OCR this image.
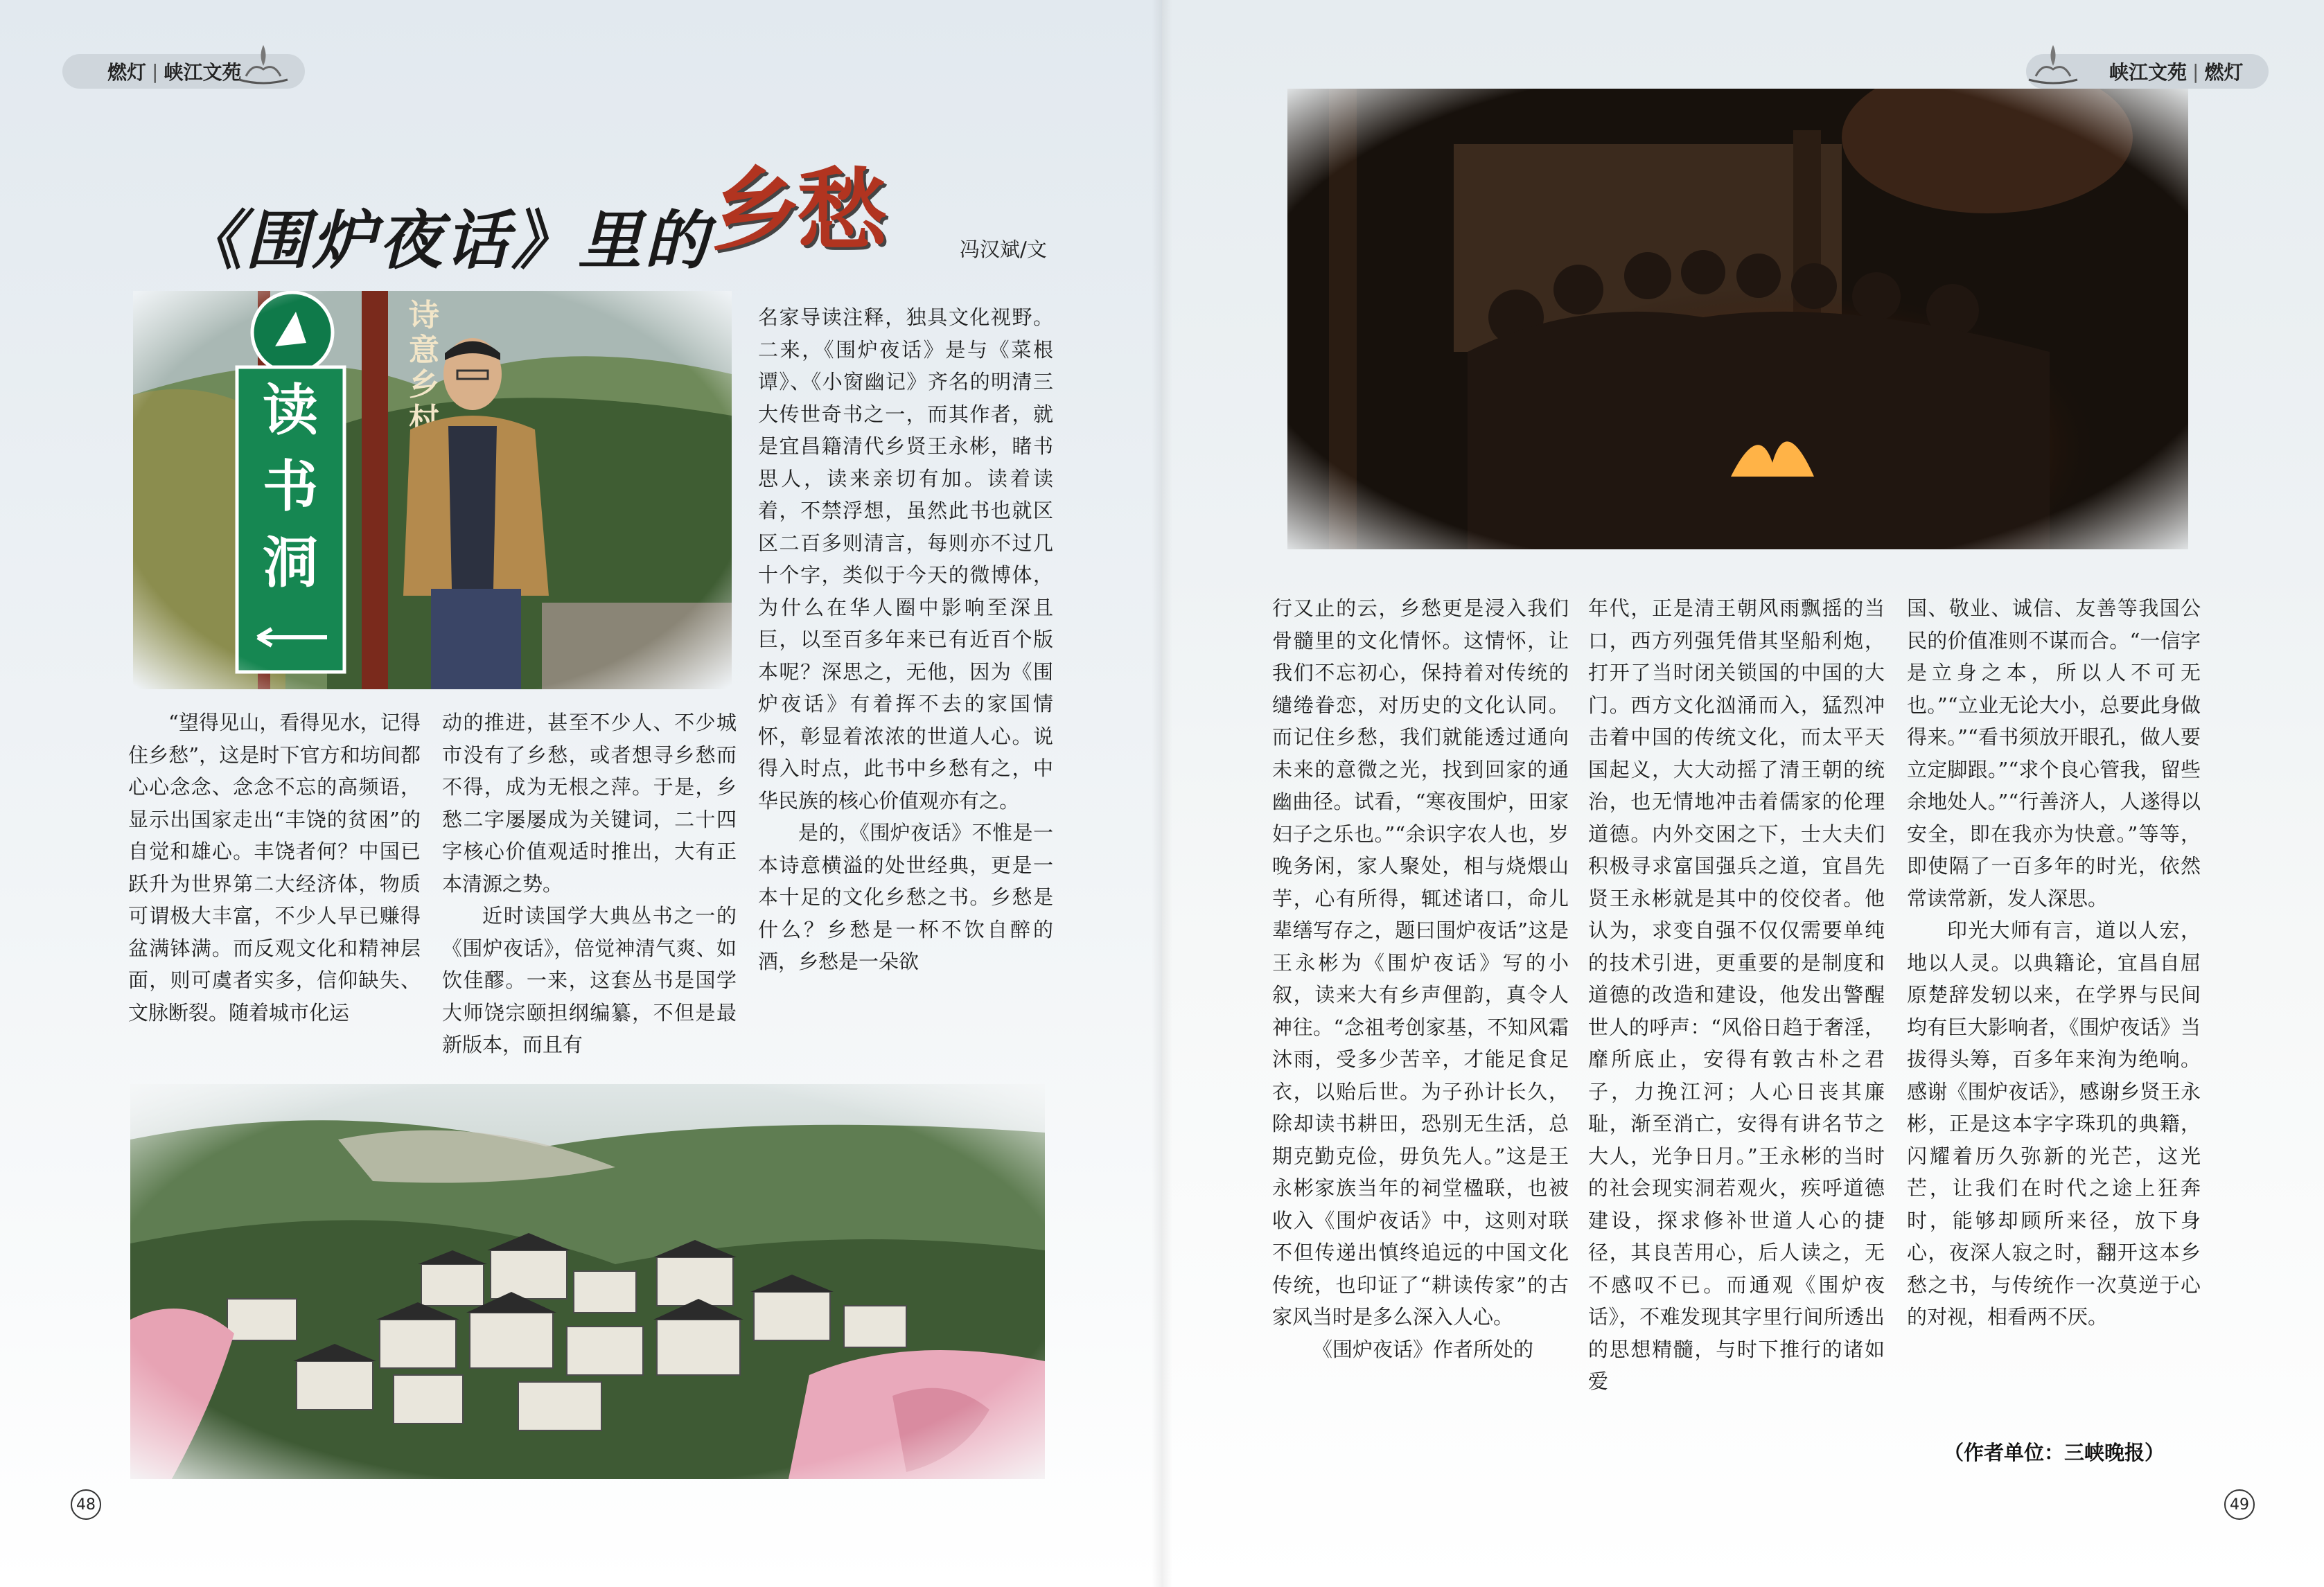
燃灯 | 峡江文苑	峡江文苑 | 燃灯
《围炉夜话》里的乡愁	冯汉斌/文

“望得见山，看得见水，记得住乡愁”，这是时下官方和坊间都心心念念、念念不忘的高频语，显示出国家走出“丰饶的贫困”的自觉和雄心。丰饶者何？中国已跃升为世界第二大经济体，物质可谓极大丰富，不少人早已赚得盆满钵满。而反观文化和精神层面，则可虞者实多，信仰缺失、文脉断裂。随着城市化运

动的推进，甚至不少人、不少城市没有了乡愁，或者想寻乡愁而不得，成为无根之萍。于是，乡愁二字屡屡成为关键词，二十四字核心价值观适时推出，大有正本清源之势。

近时读国学大典丛书之一的《围炉夜话》，倍觉神清气爽、如饮佳醪。一来，这套丛书是国学大师饶宗颐担纲编纂，不但是最新版本，而且有

名家导读注释，独具文化视野。二来，《围炉夜话》是与《菜根谭》、《小窗幽记》齐名的明清三大传世奇书之一，而其作者，就是宜昌籍清代乡贤王永彬，睹书思人，读来亲切有加。读着读着，不禁浮想，虽然此书也就区区二百多则清言，每则亦不过几十个字，类似于今天的微博体，为什么在华人圈中影响至深且巨，以至百多年来已有近百个版本呢？深思之，无他，因为《围炉夜话》有着挥不去的家国情怀，彰显着浓浓的世道人心。说得入时点，此书中乡愁有之，中华民族的核心价值观亦有之。

是的，《围炉夜话》不惟是一本诗意横溢的处世经典，更是一本十足的文化乡愁之书。乡愁是什么？乡愁是一杯不饮自醉的酒，乡愁是一朵欲

行又止的云，乡愁更是浸入我们骨髓里的文化情怀。这情怀，让我们不忘初心，保持着对传统的缱绻眷恋，对历史的文化认同。而记住乡愁，我们就能透过通向未来的意微之光，找到回家的通幽曲径。试看，“寒夜围炉，田家妇子之乐也。”“余识字农人也，岁晚务闲，家人聚处，相与烧煨山芋，心有所得，辄述诸口，命儿辈缮写存之，题曰围炉夜话”这是王永彬为《围炉夜话》写的小叙，读来大有乡声俚韵，真令人神往。“念祖考创家基，不知风霜沐雨，受多少苦辛，才能足食足衣，以贻后世。为子孙计长久，除却读书耕田，恐别无生活，总期克勤克俭，毋负先人。”这是王永彬家族当年的祠堂楹联，也被收入《围炉夜话》中，这则对联不但传递出慎终追远的中国文化传统，也印证了“耕读传家”的古家风当时是多么深入人心。

《围炉夜话》作者所处的

年代，正是清王朝风雨飘摇的当口，西方列强凭借其坚船利炮，打开了当时闭关锁国的中国的大门。西方文化汹涌而入，猛烈冲击着中国的传统文化，而太平天国起义，大大动摇了清王朝的统治，也无情地冲击着儒家的伦理道德。内外交困之下，士大夫们积极寻求富国强兵之道，宜昌先贤王永彬就是其中的佼佼者。他认为，求变自强不仅仅需要单纯的技术引进，更重要的是制度和道德的改造和建设，他发出警醒世人的呼声：“风俗日趋于奢淫，靡所底止，安得有敦古朴之君子，力挽江河；人心日丧其廉耻，渐至消亡，安得有讲名节之大人，光争日月。”王永彬的当时的社会现实洞若观火，疾呼道德建设，探求修补世道人心的捷径，其良苦用心，后人读之，无不感叹不已。而通观《围炉夜话》，不难发现其字里行间所透出的思想精髓，与时下推行的诸如爱

国、敬业、诚信、友善等我国公民的价值准则不谋而合。“一信字是立身之本，所以人不可无也。”“立业无论大小，总要此身做得来。”“看书须放开眼孔，做人要立定脚跟。”“求个良心管我，留些余地处人。”“行善济人，人遂得以安全，即在我亦为快意。”等等，即使隔了一百多年的时光，依然常读常新，发人深思。

印光大师有言，道以人宏，地以人灵。以典籍论，宜昌自屈原楚辞发轫以来，在学界与民间均有巨大影响者，《围炉夜话》当拔得头筹，百多年来洵为绝响。感谢《围炉夜话》，感谢乡贤王永彬，正是这本字字珠玑的典籍，闪耀着历久弥新的光芒，这光芒，让我们在时代之途上狂奔时，能够却顾所来径，放下身心，夜深人寂之时，翻开这本乡愁之书，与传统作一次莫逆于心的对视，相看两不厌。

（作者单位：三峡晚报）
48	49
